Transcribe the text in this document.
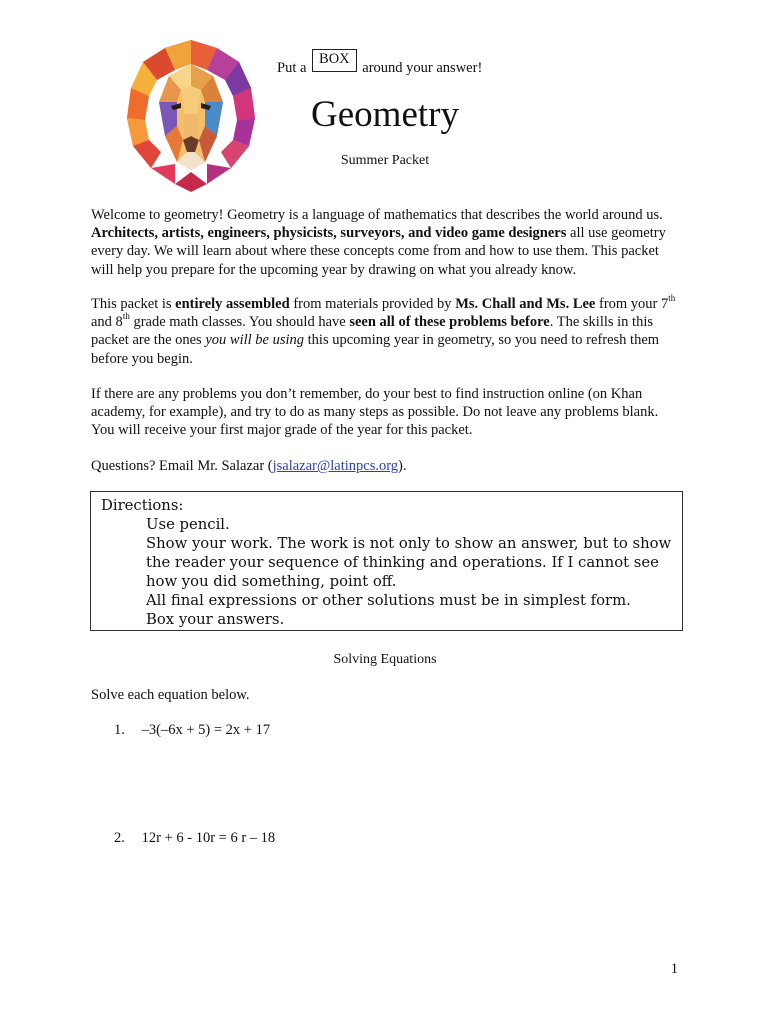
Put a BOX around your answer!
Geometry
Summer Packet
Welcome to geometry! Geometry is a language of mathematics that describes the world around us. Architects, artists, engineers, physicists, surveyors, and video game designers all use geometry every day. We will learn about where these concepts come from and how to use them. This packet will help you prepare for the upcoming year by drawing on what you already know.
This packet is entirely assembled from materials provided by Ms. Chall and Ms. Lee from your 7th and 8th grade math classes. You should have seen all of these problems before. The skills in this packet are the ones you will be using this upcoming year in geometry, so you need to refresh them before you begin.
If there are any problems you don’t remember, do your best to find instruction online (on Khan academy, for example), and try to do as many steps as possible. Do not leave any problems blank. You will receive your first major grade of the year for this packet.
Questions? Email Mr. Salazar (jsalazar@latinpcs.org).
Directions:
Use pencil.
Show your work. The work is not only to show an answer, but to show the reader your sequence of thinking and operations. If I cannot see how you did something, point off.
All final expressions or other solutions must be in simplest form.
Box your answers.
Solving Equations
Solve each equation below.
1. –3(–6x + 5) = 2x + 17
2. 12r + 6 - 10r = 6 r – 18
1
